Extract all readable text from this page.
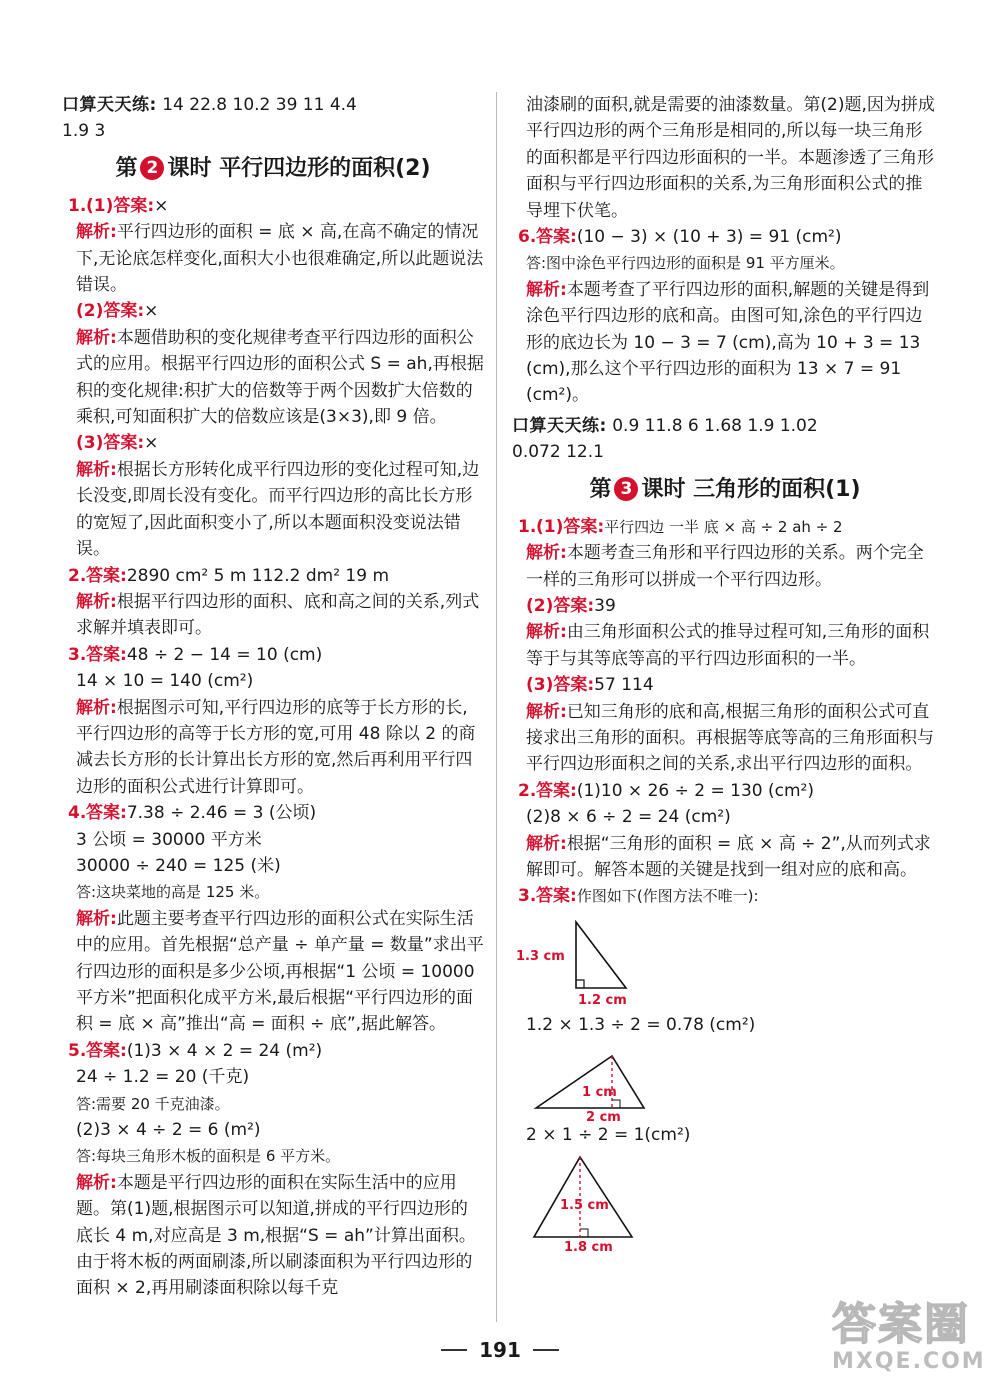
口算天天练: 14 22.8 10.2 39 11 4.4
1.9 3
第 2 课时 平行四边形的面积(2)
1.(1)答案:×
解析:平行四边形的面积 = 底 × 高,在高不确定的情况下,无论底怎样变化,面积大小也很难确定,所以此题说法错误。
(2)答案:×
解析:本题借助积的变化规律考查平行四边形的面积公式的应用。根据平行四边形的面积公式 S = ah,再根据积的变化规律:积扩大的倍数等于两个因数扩大倍数的乘积,可知面积扩大的倍数应该是(3×3),即 9 倍。
(3)答案:×
解析:根据长方形转化成平行四边形的变化过程可知,边长没变,即周长没有变化。而平行四边形的高比长方形的宽短了,因此面积变小了,所以本题面积没变说法错误。
2.答案:2890 cm² 5 m 112.2 dm² 19 m
解析:根据平行四边形的面积、底和高之间的关系,列式求解并填表即可。
3.答案:48 ÷ 2 − 14 = 10 (cm)
14 × 10 = 140 (cm²)
解析:根据图示可知,平行四边形的底等于长方形的长,平行四边形的高等于长方形的宽,可用 48 除以 2 的商减去长方形的长计算出长方形的宽,然后再利用平行四边形的面积公式进行计算即可。
4.答案:7.38 ÷ 2.46 = 3 (公顷)
3 公顷 = 30000 平方米
30000 ÷ 240 = 125 (米)
答:这块菜地的高是 125 米。
解析:此题主要考查平行四边形的面积公式在实际生活中的应用。首先根据“总产量 ÷ 单产量 = 数量”求出平行四边形的面积是多少公顷,再根据“1 公顷 = 10000 平方米”把面积化成平方米,最后根据“平行四边形的面积 = 底 × 高”推出“高 = 面积 ÷ 底”,据此解答。
5.答案:(1)3 × 4 × 2 = 24 (m²)
24 ÷ 1.2 = 20 (千克)
答:需要 20 千克油漆。
(2)3 × 4 ÷ 2 = 6 (m²)
答:每块三角形木板的面积是 6 平方米。
解析:本题是平行四边形的面积在实际生活中的应用题。第(1)题,根据图示可以知道,拼成的平行四边形的底长 4 m,对应高是 3 m,根据“S = ah”计算出面积。由于将木板的两面刷漆,所以刷漆面积为平行四边形的面积 × 2,再用刷漆面积除以每千克
油漆刷的面积,就是需要的油漆数量。第(2)题,因为拼成平行四边形的两个三角形是相同的,所以每一块三角形的面积都是平行四边形面积的一半。本题渗透了三角形面积与平行四边形面积的关系,为三角形面积公式的推导埋下伏笔。
6.答案:(10 − 3) × (10 + 3) = 91 (cm²)
答:图中涂色平行四边形的面积是 91 平方厘米。
解析:本题考查了平行四边形的面积,解题的关键是得到涂色平行四边形的底和高。由图可知,涂色的平行四边形的底边长为 10 − 3 = 7 (cm),高为 10 + 3 = 13 (cm),那么这个平行四边形的面积为 13 × 7 = 91 (cm²)。
口算天天练: 0.9 11.8 6 1.68 1.9 1.02
0.072 12.1
第 3 课时 三角形的面积(1)
1.(1)答案:平行四边 一半 底 × 高 ÷ 2 ah ÷ 2
解析:本题考查三角形和平行四边形的关系。两个完全一样的三角形可以拼成一个平行四边形。
(2)答案:39
解析:由三角形面积公式的推导过程可知,三角形的面积等于与其等底等高的平行四边形面积的一半。
(3)答案:57 114
解析:已知三角形的底和高,根据三角形的面积公式可直接求出三角形的面积。再根据等底等高的三角形面积与平行四边形面积之间的关系,求出平行四边形的面积。
2.答案:(1)10 × 26 ÷ 2 = 130 (cm²)
(2)8 × 6 ÷ 2 = 24 (cm²)
解析:根据“三角形的面积 = 底 × 高 ÷ 2”,从而列式求解即可。解答本题的关键是找到一组对应的底和高。
3.答案:作图如下(作图方法不唯一):
1.3 cm
1.2 cm
1.2 × 1.3 ÷ 2 = 0.78 (cm²)
1 cm
2 cm
2 × 1 ÷ 2 = 1(cm²)
1.5 cm
1.8 cm
191	答案圈
MXQE.COM
